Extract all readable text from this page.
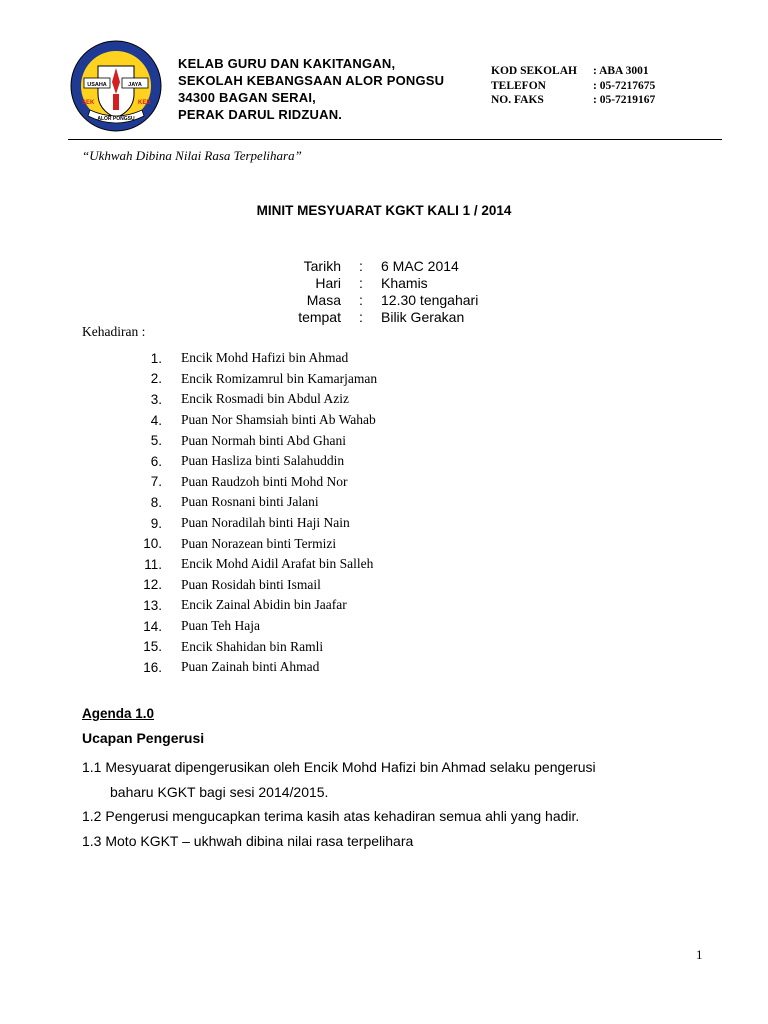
USAHA	JAYA
SEK	KEB
ALOR PONGSU
KELAB GURU DAN KAKITANGAN,
SEKOLAH KEBANGSAAN ALOR PONGSU
34300 BAGAN SERAI,
PERAK DARUL RIDZUAN.
KOD SEKOLAH	: ABA 3001
TELEFON	: 05-7217675
NO. FAKS	: 05-7219167
“Ukhwah Dibina Nilai Rasa Terpelihara”
MINIT MESYUARAT KGKT KALI 1 / 2014
Tarikh	:	6 MAC 2014
Hari	:	Khamis
Masa	:	12.30 tengahari
tempat	:	Bilik Gerakan
Kehadiran :
1. Encik Mohd Hafizi bin Ahmad
2. Encik Romizamrul bin Kamarjaman
3. Encik Rosmadi bin Abdul Aziz
4. Puan Nor Shamsiah binti Ab Wahab
5. Puan Normah binti Abd Ghani
6. Puan Hasliza binti Salahuddin
7. Puan Raudzoh binti Mohd Nor
8. Puan Rosnani binti Jalani
9. Puan Noradilah binti Haji Nain
10. Puan Norazean binti Termizi
11. Encik Mohd Aidil Arafat bin Salleh
12. Puan Rosidah binti Ismail
13. Encik Zainal Abidin bin Jaafar
14. Puan Teh Haja
15. Encik Shahidan bin Ramli
16. Puan Zainah binti Ahmad
Agenda 1.0
Ucapan Pengerusi
1.1 Mesyuarat dipengerusikan oleh Encik Mohd Hafizi bin Ahmad selaku pengerusi
baharu KGKT bagi sesi 2014/2015.
1.2 Pengerusi mengucapkan terima kasih atas kehadiran semua ahli yang hadir.
1.3 Moto KGKT – ukhwah dibina nilai rasa terpelihara
1
